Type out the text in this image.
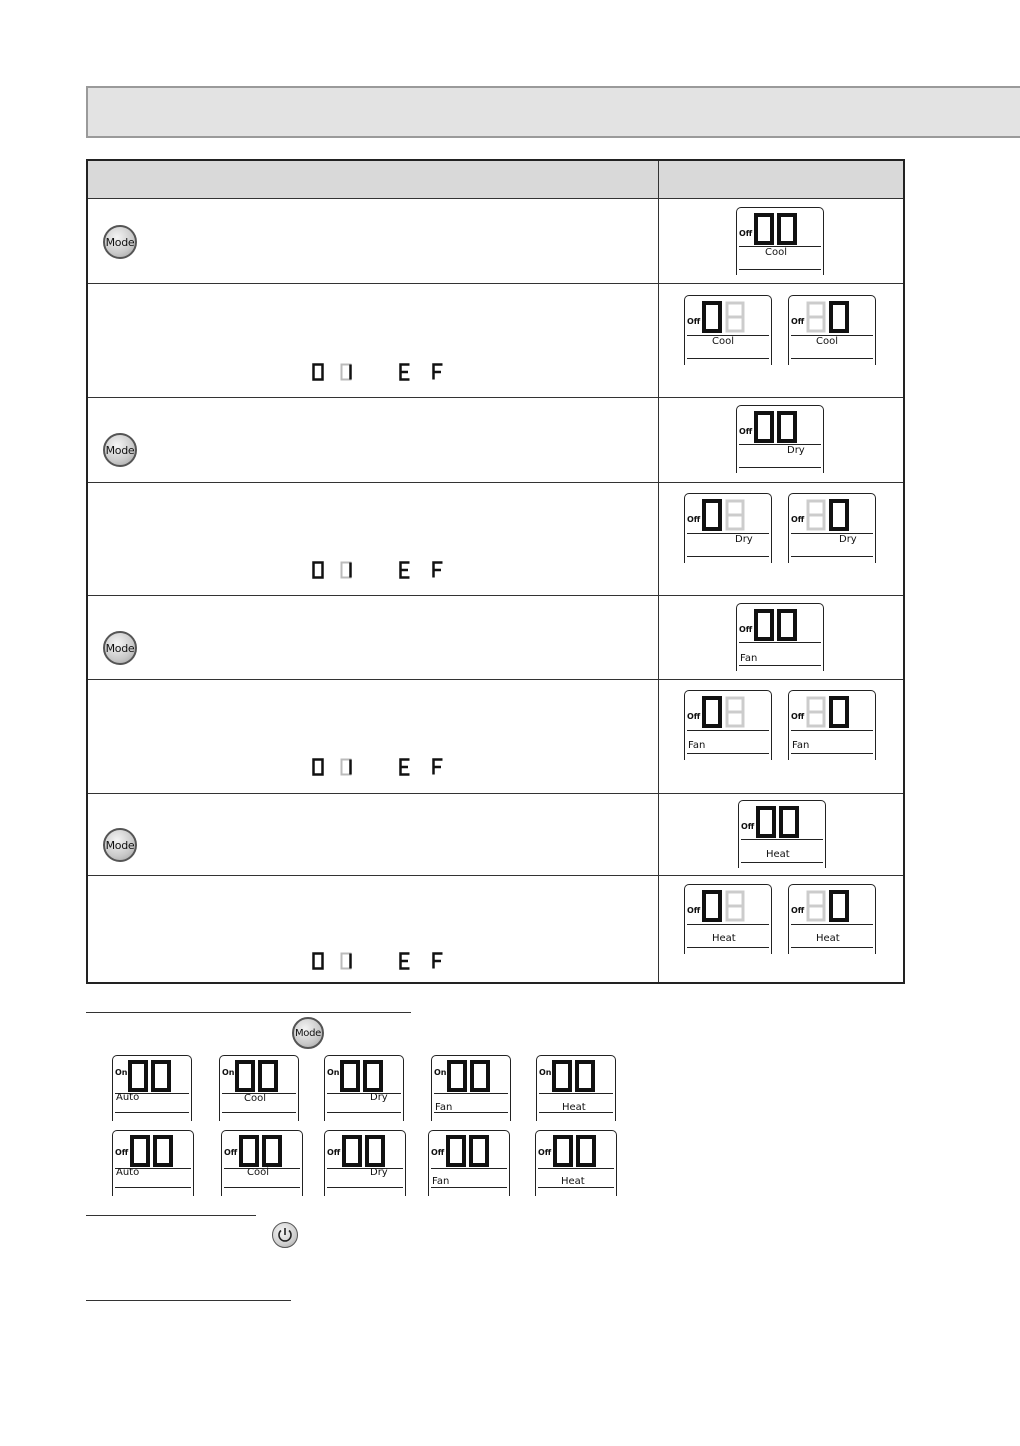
Mode
Off
Cool
Off
Cool
Off
Cool
Mode
Off
Dry
Off
Dry
Off
Dry
Mode
Off
Fan
Off
Fan
Off
Fan
Mode
Off
Heat
Off
Heat
Off
Heat
Mode
On
Auto
On
Cool
On
Dry
On
Fan
On
Heat
Off
Auto
Off
Cool
Off
Dry
Off
Fan
Off
Heat
